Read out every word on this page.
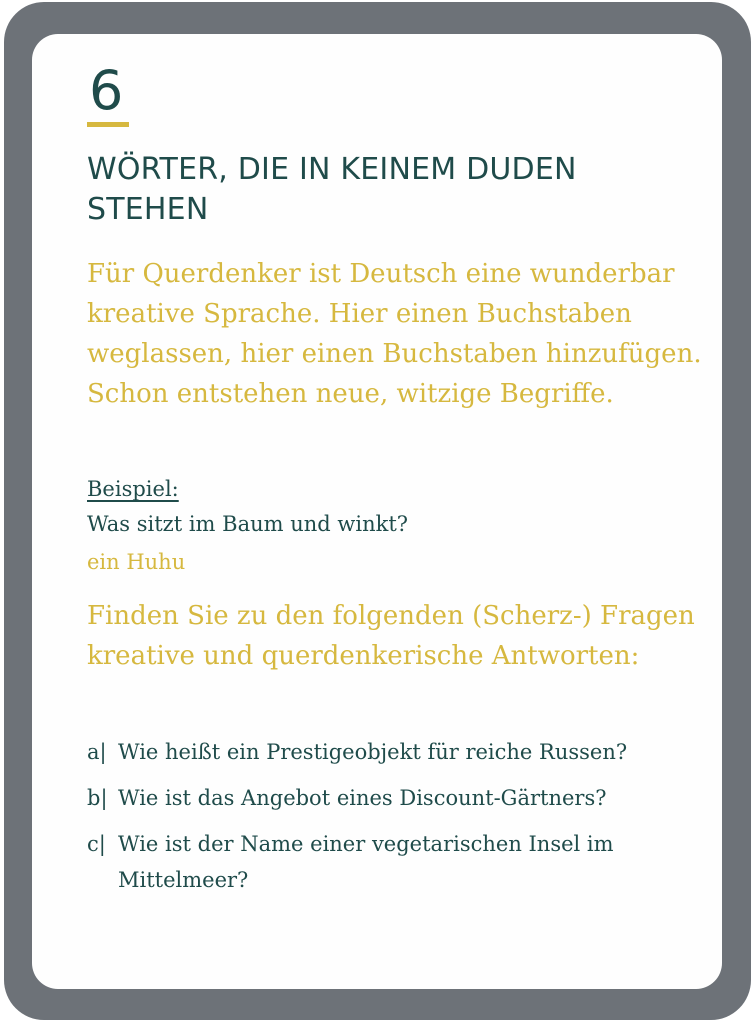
6
WÖRTER, DIE IN KEINEM DUDEN STEHEN
Für Querdenker ist Deutsch eine wunderbar kreative Sprache. Hier einen Buchstaben weglassen, hier einen Buchstaben hinzufügen. Schon entstehen neue, witzige Begriffe.
Beispiel:
Was sitzt im Baum und winkt?
ein Huhu
Finden Sie zu den folgenden (Scherz-) Fragen kreative und querdenkerische Antworten:
a| Wie heißt ein Prestigeobjekt für reiche Russen?
b| Wie ist das Angebot eines Discount-Gärtners?
c| Wie ist der Name einer vegetarischen Insel im Mittelmeer?
